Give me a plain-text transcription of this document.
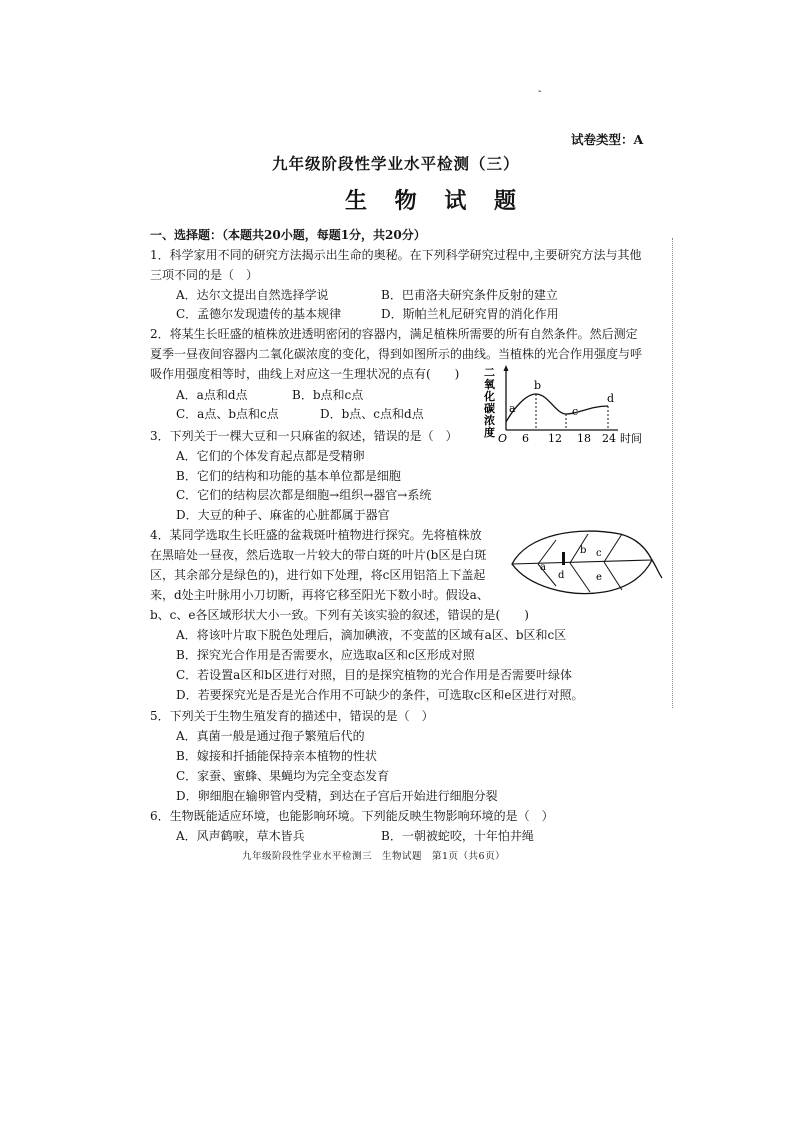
-
试卷类型：A
九年级阶段性学业水平检测（三）
生 物 试 题
一、选择题：（本题共20小题，每题1分，共20分）
1．科学家用不同的研究方法揭示出生命的奥秘。在下列科学研究过程中,主要研究方法与其他
三项不同的是（　）
A．达尔文提出自然选择学说	B．巴甫洛夫研究条件反射的建立
C．孟德尔发现遗传的基本规律	D．斯帕兰札尼研究胃的消化作用
2．将某生长旺盛的植株放进透明密闭的容器内，满足植株所需要的所有自然条件。然后测定
夏季一昼夜间容器内二氧化碳浓度的变化，得到如图所示的曲线。当植株的光合作用强度与呼
吸作用强度相等时，曲线上对应这一生理状况的点有(　　)
A．a点和d点	B．b点和c点
C．a点、b点和c点	D．b点、c点和d点
二
氧
化
碳
浓
度
a
b
c
d
O 6 12 18 24 时间
3．下列关于一棵大豆和一只麻雀的叙述，错误的是（　）
A．它们的个体发育起点都是受精卵
B．它们的结构和功能的基本单位都是细胞
C．它们的结构层次都是细胞→组织→器官→系统
D．大豆的种子、麻雀的心脏都属于器官
4．某同学选取生长旺盛的盆栽斑叶植物进行探究。先将植株放
在黑暗处一昼夜，然后选取一片较大的带白斑的叶片(b区是白斑
区，其余部分是绿色的)，进行如下处理，将c区用铝箔上下盖起
来，d处主叶脉用小刀切断，再将它移至阳光下数小时。假设a、
b、c、e各区域形状大小一致。下列有关该实验的叙述，错误的是(　　)
A．将该叶片取下脱色处理后，滴加碘液，不变蓝的区域有a区、b区和c区
B．探究光合作用是否需要水，应选取a区和c区形成对照
C．若设置a区和b区进行对照，目的是探究植物的光合作用是否需要叶绿体
D．若要探究光是否是光合作用不可缺少的条件，可选取c区和e区进行对照。
a
b c
d	e
5．下列关于生物生殖发育的描述中，错误的是（　）
A．真菌一般是通过孢子繁殖后代的
B．嫁接和扦插能保持亲本植物的性状
C．家蚕、蜜蜂、果蝇均为完全变态发育
D．卵细胞在输卵管内受精，到达在子宫后开始进行细胞分裂
6．生物既能适应环境，也能影响环境。下列能反映生物影响环境的是（　）
A．风声鹤唳，草木皆兵	B．一朝被蛇咬，十年怕井绳
九年级阶段性学业水平检测三　生物试题　第1页（共6页）
